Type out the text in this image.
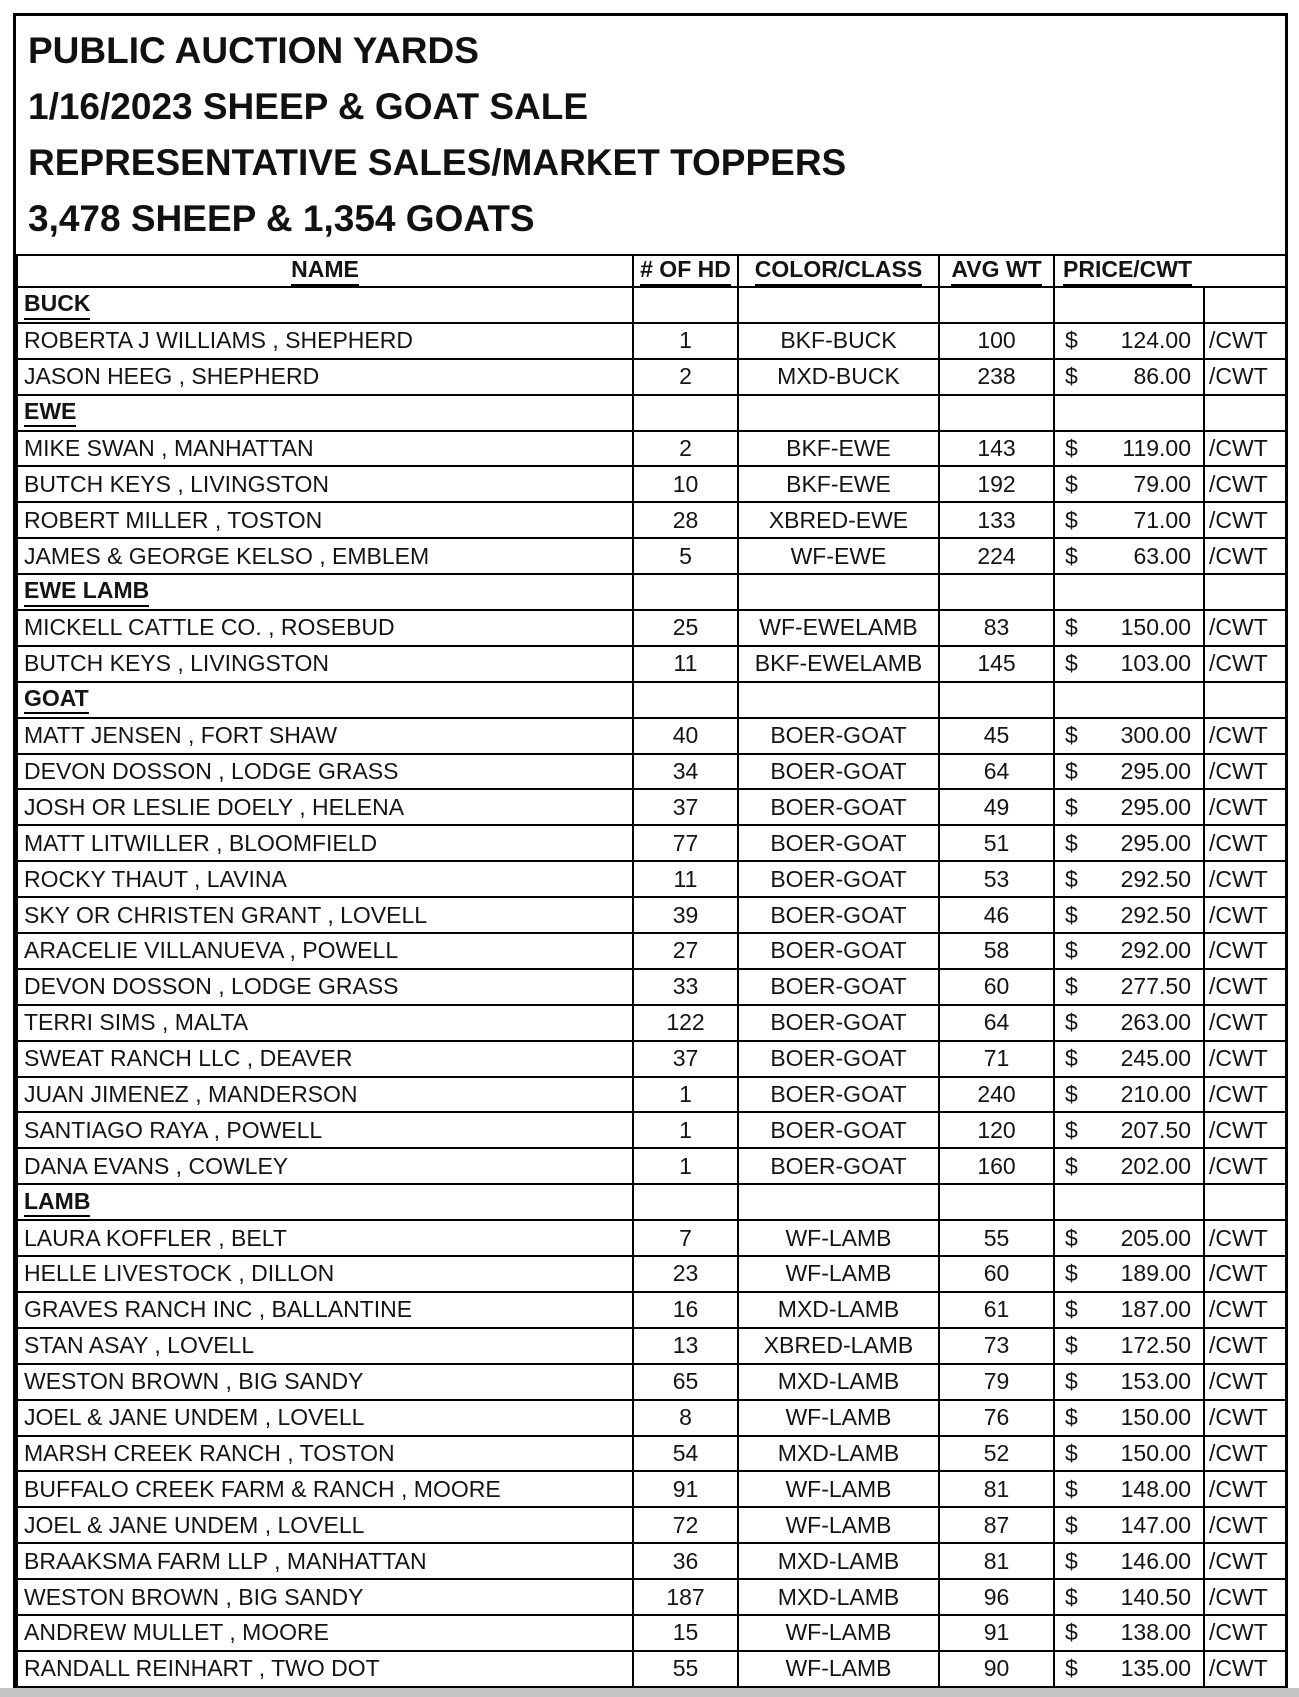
PUBLIC AUCTION YARDS
1/16/2023 SHEEP & GOAT SALE
REPRESENTATIVE SALES/MARKET TOPPERS
3,478 SHEEP & 1,354 GOATS
NAME	# OF HD	COLOR/CLASS	AVG WT	PRICE/CWT	
BUCK					
ROBERTA J WILLIAMS , SHEPHERD	1	BKF-BUCK	100	$ 124.00	/CWT
JASON HEEG , SHEPHERD	2	MXD-BUCK	238	$ 86.00	/CWT
EWE					
MIKE SWAN , MANHATTAN	2	BKF-EWE	143	$ 119.00	/CWT
BUTCH KEYS , LIVINGSTON	10	BKF-EWE	192	$ 79.00	/CWT
ROBERT MILLER , TOSTON	28	XBRED-EWE	133	$ 71.00	/CWT
JAMES & GEORGE KELSO , EMBLEM	5	WF-EWE	224	$ 63.00	/CWT
EWE LAMB					
MICKELL CATTLE CO. , ROSEBUD	25	WF-EWELAMB	83	$ 150.00	/CWT
BUTCH KEYS , LIVINGSTON	11	BKF-EWELAMB	145	$ 103.00	/CWT
GOAT					
MATT JENSEN , FORT SHAW	40	BOER-GOAT	45	$ 300.00	/CWT
DEVON DOSSON , LODGE GRASS	34	BOER-GOAT	64	$ 295.00	/CWT
JOSH OR LESLIE DOELY , HELENA	37	BOER-GOAT	49	$ 295.00	/CWT
MATT LITWILLER , BLOOMFIELD	77	BOER-GOAT	51	$ 295.00	/CWT
ROCKY THAUT , LAVINA	11	BOER-GOAT	53	$ 292.50	/CWT
SKY OR CHRISTEN GRANT , LOVELL	39	BOER-GOAT	46	$ 292.50	/CWT
ARACELIE VILLANUEVA , POWELL	27	BOER-GOAT	58	$ 292.00	/CWT
DEVON DOSSON , LODGE GRASS	33	BOER-GOAT	60	$ 277.50	/CWT
TERRI SIMS , MALTA	122	BOER-GOAT	64	$ 263.00	/CWT
SWEAT RANCH LLC , DEAVER	37	BOER-GOAT	71	$ 245.00	/CWT
JUAN JIMENEZ , MANDERSON	1	BOER-GOAT	240	$ 210.00	/CWT
SANTIAGO RAYA , POWELL	1	BOER-GOAT	120	$ 207.50	/CWT
DANA EVANS , COWLEY	1	BOER-GOAT	160	$ 202.00	/CWT
LAMB					
LAURA KOFFLER , BELT	7	WF-LAMB	55	$ 205.00	/CWT
HELLE LIVESTOCK , DILLON	23	WF-LAMB	60	$ 189.00	/CWT
GRAVES RANCH INC , BALLANTINE	16	MXD-LAMB	61	$ 187.00	/CWT
STAN ASAY , LOVELL	13	XBRED-LAMB	73	$ 172.50	/CWT
WESTON BROWN , BIG SANDY	65	MXD-LAMB	79	$ 153.00	/CWT
JOEL & JANE UNDEM , LOVELL	8	WF-LAMB	76	$ 150.00	/CWT
MARSH CREEK RANCH , TOSTON	54	MXD-LAMB	52	$ 150.00	/CWT
BUFFALO CREEK FARM & RANCH , MOORE	91	WF-LAMB	81	$ 148.00	/CWT
JOEL & JANE UNDEM , LOVELL	72	WF-LAMB	87	$ 147.00	/CWT
BRAAKSMA FARM LLP , MANHATTAN	36	MXD-LAMB	81	$ 146.00	/CWT
WESTON BROWN , BIG SANDY	187	MXD-LAMB	96	$ 140.50	/CWT
ANDREW MULLET , MOORE	15	WF-LAMB	91	$ 138.00	/CWT
RANDALL REINHART , TWO DOT	55	WF-LAMB	90	$ 135.00	/CWT
